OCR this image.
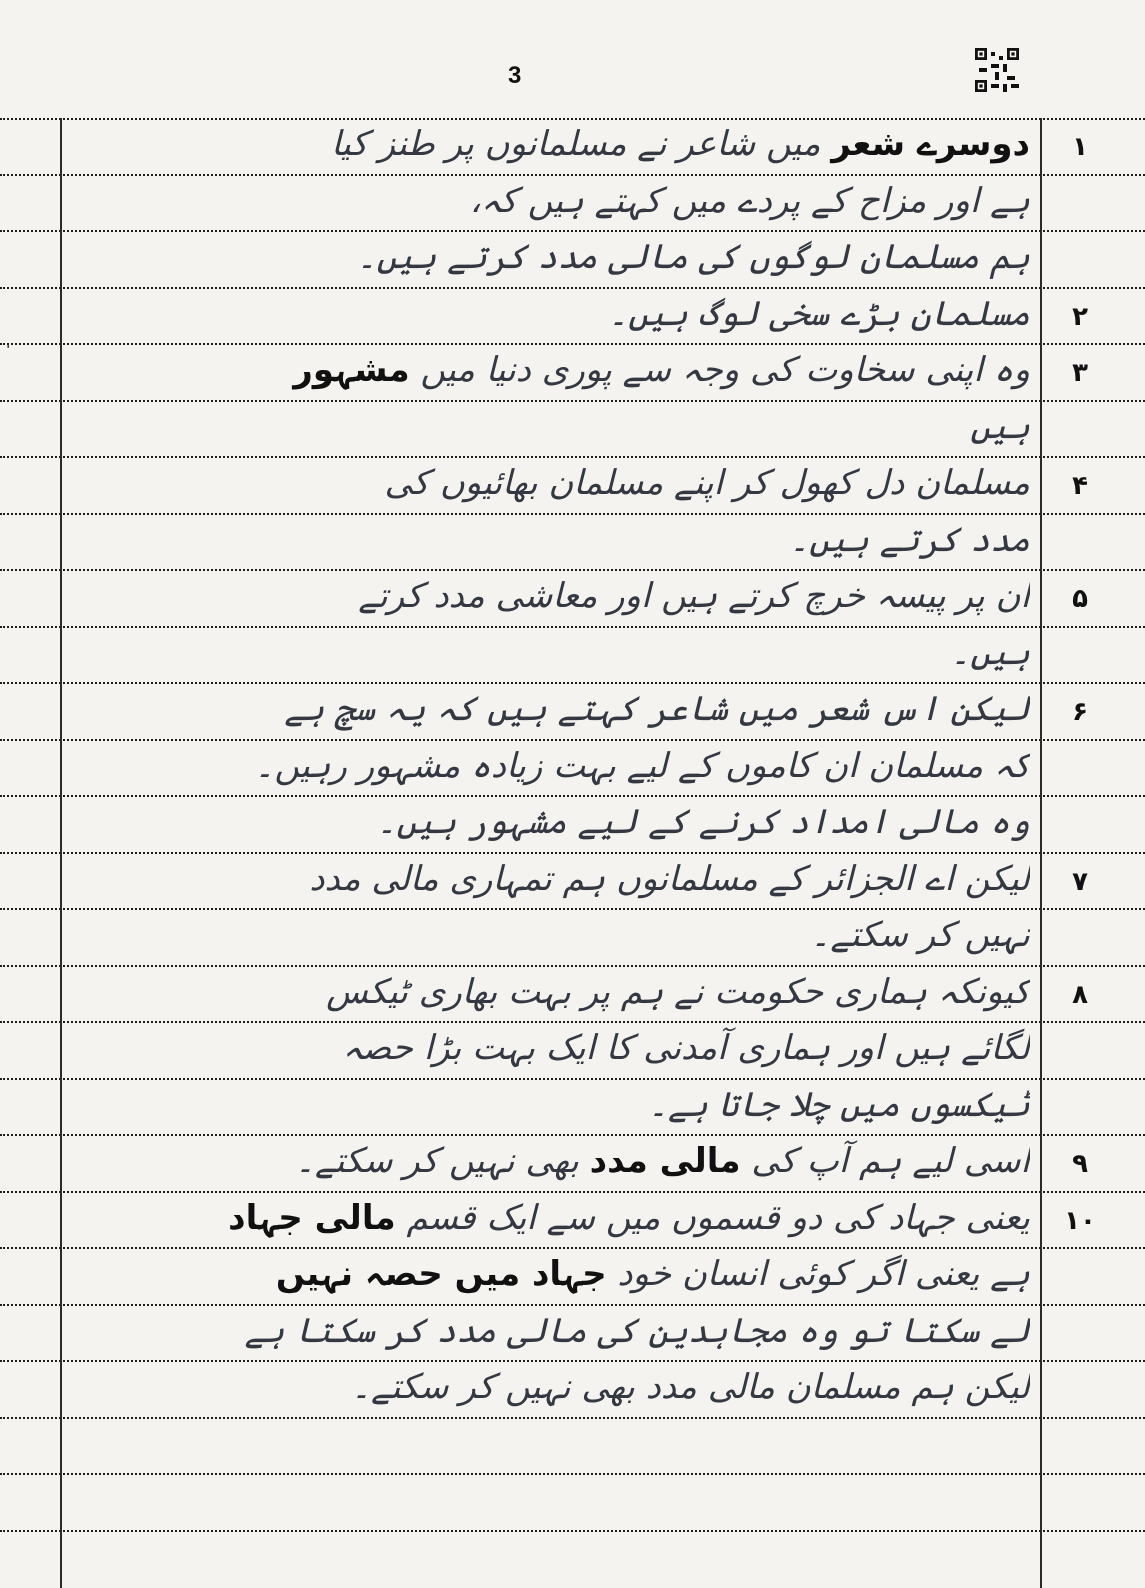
3
'
۱
دوسرے شعر میں شاعر نے مسلمانوں پر طنز کیا
ہے اور مزاح کے پردے میں کہتے ہیں کہ،
ہم مسلمان لوگوں کی مالی مدد کرتے ہیں۔
۲
مسلمان بڑے سخی لوگ ہیں۔
۳
وہ اپنی سخاوت کی وجہ سے پوری دنیا میں مشہور
ہیں
۴
مسلمان دل کھول کر اپنے مسلمان بھائیوں کی
مدد کرتے ہیں۔
۵
ان پر پیسہ خرچ کرتے ہیں اور معاشی مدد کرتے
ہیں۔
۶
لیکن اس شعر میں شاعر کہتے ہیں کہ یہ سچ ہے
کہ مسلمان ان کاموں کے لیے بہت زیادہ مشہور رہیں۔
وہ مالی امداد کرنے کے لیے مشہور ہیں۔
۷
لیکن اے الجزائر کے مسلمانوں ہم تمہاری مالی مدد
نہیں کر سکتے۔
۸
کیونکہ ہماری حکومت نے ہم پر بہت بھاری ٹیکس
لگائے ہیں اور ہماری آمدنی کا ایک بہت بڑا حصہ
ٹیکسوں میں چلا جاتا ہے۔
۹
اسی لیے ہم آپ کی مالی مدد بھی نہیں کر سکتے۔
۱۰
یعنی جہاد کی دو قسموں میں سے ایک قسم مالی جہاد
ہے یعنی اگر کوئی انسان خود جہاد میں حصہ نہیں
لے سکتا تو وہ مجاہدین کی مالی مدد کر سکتا ہے
لیکن ہم مسلمان مالی مدد بھی نہیں کر سکتے۔
